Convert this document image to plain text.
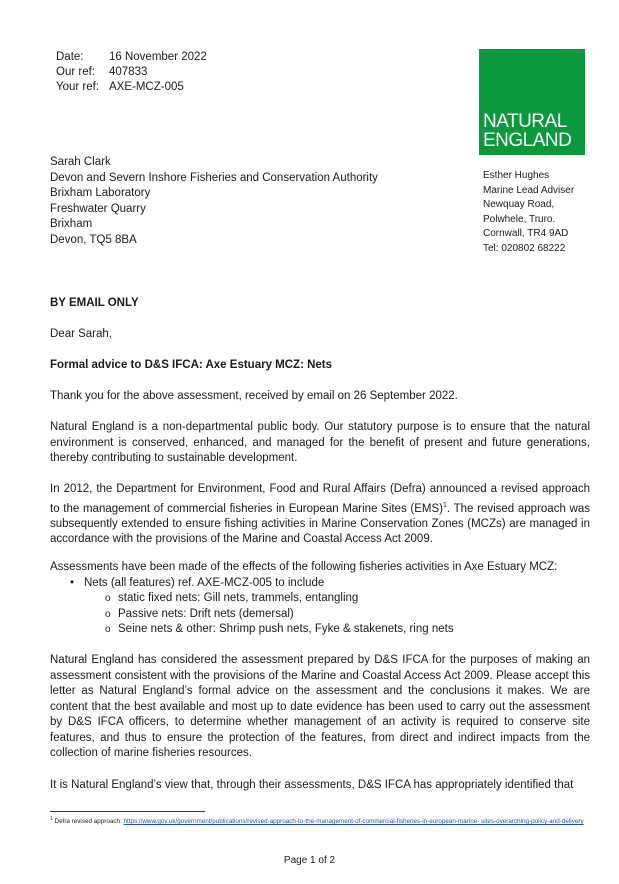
Date:	16 November 2022
Our ref:	407833
Your ref: AXE-MCZ-005
NATURAL
ENGLAND
Sarah Clark
Devon and Severn Inshore Fisheries and Conservation Authority
Brixham Laboratory
Freshwater Quarry
Brixham
Devon, TQ5 8BA
Esther Hughes
Marine Lead Adviser
Newquay Road,
Polwhele, Truro.
Cornwall, TR4 9AD
Tel: 020802 68222
BY EMAIL ONLY
Dear Sarah,
Formal advice to D&S IFCA: Axe Estuary MCZ: Nets
Thank you for the above assessment, received by email on 26 September 2022.
Natural England is a non-departmental public body. Our statutory purpose is to ensure that the natural environment is conserved, enhanced, and managed for the benefit of present and future generations, thereby contributing to sustainable development.
In 2012, the Department for Environment, Food and Rural Affairs (Defra) announced a revised approach to the management of commercial fisheries in European Marine Sites (EMS)$^1$. The revised approach was subsequently extended to ensure fishing activities in Marine Conservation Zones (MCZs) are managed in accordance with the provisions of the Marine and Coastal Access Act 2009.
Assessments have been made of the effects of the following fisheries activities in Axe Estuary MCZ:
• Nets (all features) ref. AXE-MCZ-005 to include
o static fixed nets: Gill nets, trammels, entangling
o Passive nets: Drift nets (demersal)
o Seine nets & other: Shrimp push nets, Fyke & stakenets, ring nets
Natural England has considered the assessment prepared by D&S IFCA for the purposes of making an assessment consistent with the provisions of the Marine and Coastal Access Act 2009. Please accept this letter as Natural England’s formal advice on the assessment and the conclusions it makes. We are content that the best available and most up to date evidence has been used to carry out the assessment by D&S IFCA officers, to determine whether management of an activity is required to conserve site features, and thus to ensure the protection of the features, from direct and indirect impacts from the collection of marine fisheries resources.
It is Natural England’s view that, through their assessments, D&S IFCA has appropriately identified that
$^1$ Defra revised approach: https://www.gov.uk/government/publications/revised-approach-to-the-management-of-commercial-fisheries-in-european-marine- sites-overarching-policy-and-delivery
Page 1 of 2
